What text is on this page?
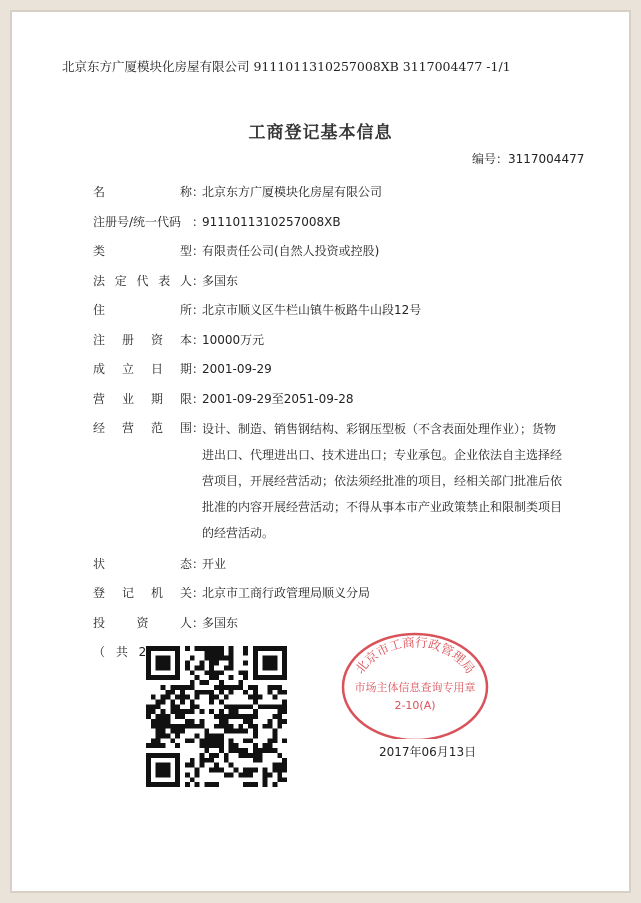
北京东方广厦模块化房屋有限公司 9111011310257008XB 3117004477 -1/1
工商登记基本信息
编号：3117004477
名	称 ：
北京东方广厦模块化房屋有限公司
注册号/统一代码 ：
9111011310257008XB
类	型 ：
有限责任公司(自然人投资或控股)
法 定 代 表 人 ：
多国东
住	所 ：
北京市顺义区牛栏山镇牛板路牛山段12号
注 册 资 本 ：
10000万元
成 立 日 期 ：
2001-09-29
营 业 期 限 ：
2001-09-29至2051-09-28
经 营 范 围 ：
设计、制造、销售钢结构、彩钢压型板（不含表面处理作业）；货物
进出口、代理进出口、技术进出口；专业承包。企业依法自主选择经
营项目，开展经营活动；依法须经批准的项目，经相关部门批准后依
批准的内容开展经营活动；不得从事本市产业政策禁止和限制类项目
的经营活动。
状	态 ：
开业
登 记 机 关 ：
北京市工商行政管理局顺义分局
投	资	人 ：
多国东
（ 共 2
北京市工商行政管理局
市场主体信息查询专用章
2-10(A)
2017年06月13日
